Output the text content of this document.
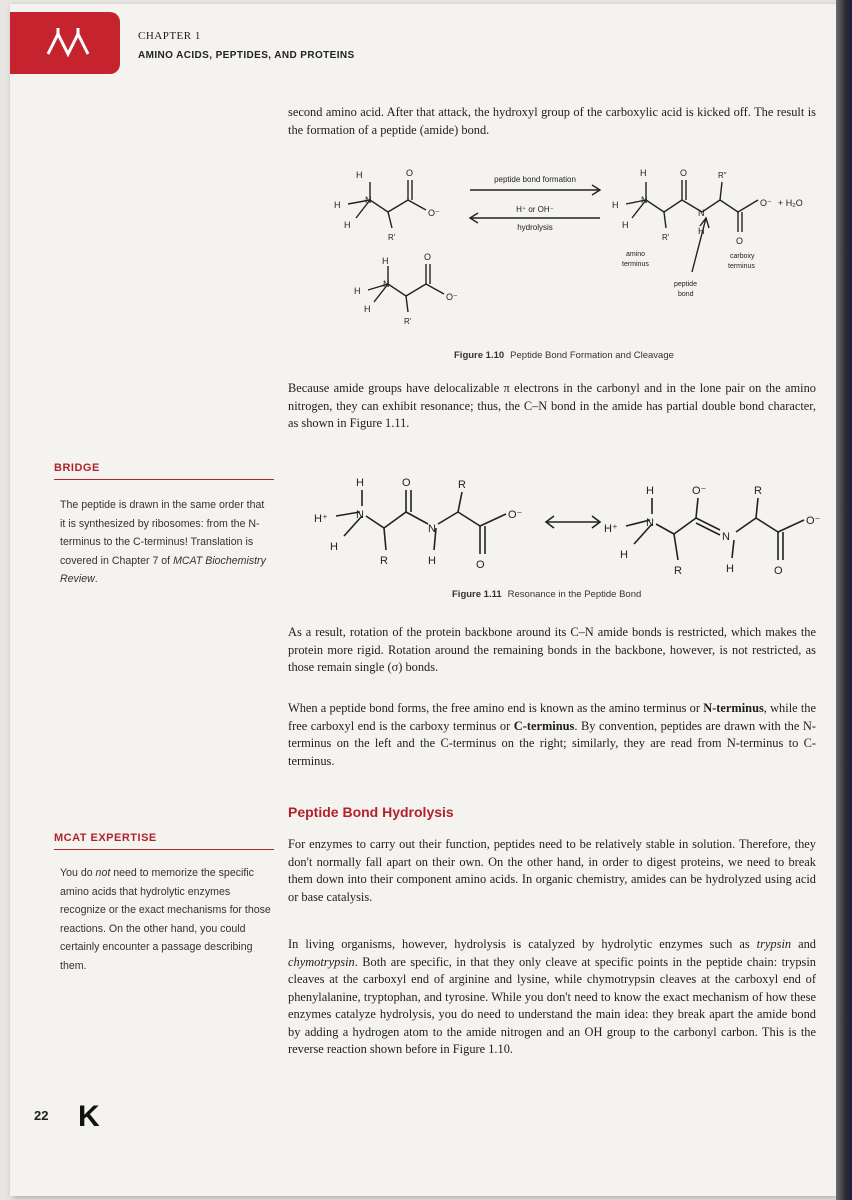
CHAPTER 1
AMINO ACIDS, PEPTIDES, AND PROTEINS
second amino acid. After that attack, the hydroxyl group of the carboxylic acid is kicked off. The result is the formation of a peptide (amide) bond.
H
H
H
N
R'
O
O⁻
H
H
H
N
R'
O
O⁻
peptide bond formation
H⁺ or OH⁻
hydrolysis
H
H
H
N
R'
O
N
H
R"
O
O⁻ + H₂O
amino
terminus
carboxy
terminus
peptide
bond
Figure 1.10 Peptide Bond Formation and Cleavage
Because amide groups have delocalizable π electrons in the carbonyl and in the lone pair on the amino nitrogen, they can exhibit resonance; thus, the C–N bond in the amide has partial double bond character, as shown in Figure 1.11.
BRIDGE
The peptide is drawn in the same order that it is synthesized by ribosomes: from the N-terminus to the C-terminus! Translation is covered in Chapter 7 of MCAT Biochemistry Review.
H
H⁺
H
N
R
O
N
H
R
O
O⁻
H
H⁺
H
N
R
O⁻
N
H
R
O
O⁻
Figure 1.11 Resonance in the Peptide Bond
As a result, rotation of the protein backbone around its C–N amide bonds is restricted, which makes the protein more rigid. Rotation around the remaining bonds in the backbone, however, is not restricted, as those remain single (σ) bonds.
When a peptide bond forms, the free amino end is known as the amino terminus or N-terminus, while the free carboxyl end is the carboxy terminus or C-terminus. By convention, peptides are drawn with the N-terminus on the left and the C-terminus on the right; similarly, they are read from N-terminus to C-terminus.
Peptide Bond Hydrolysis
MCAT EXPERTISE
You do not need to memorize the specific amino acids that hydrolytic enzymes recognize or the exact mechanisms for those reactions. On the other hand, you could certainly encounter a passage describing them.
For enzymes to carry out their function, peptides need to be relatively stable in solution. Therefore, they don't normally fall apart on their own. On the other hand, in order to digest proteins, we need to break them down into their component amino acids. In organic chemistry, amides can be hydrolyzed using acid or base catalysis.
In living organisms, however, hydrolysis is catalyzed by hydrolytic enzymes such as trypsin and chymotrypsin. Both are specific, in that they only cleave at specific points in the peptide chain: trypsin cleaves at the carboxyl end of arginine and lysine, while chymotrypsin cleaves at the carboxyl end of phenylalanine, tryptophan, and tyrosine. While you don't need to know the exact mechanism of how these enzymes catalyze hydrolysis, you do need to understand the main idea: they break apart the amide bond by adding a hydrogen atom to the amide nitrogen and an OH group to the carbonyl carbon. This is the reverse reaction shown before in Figure 1.10.
22 K
